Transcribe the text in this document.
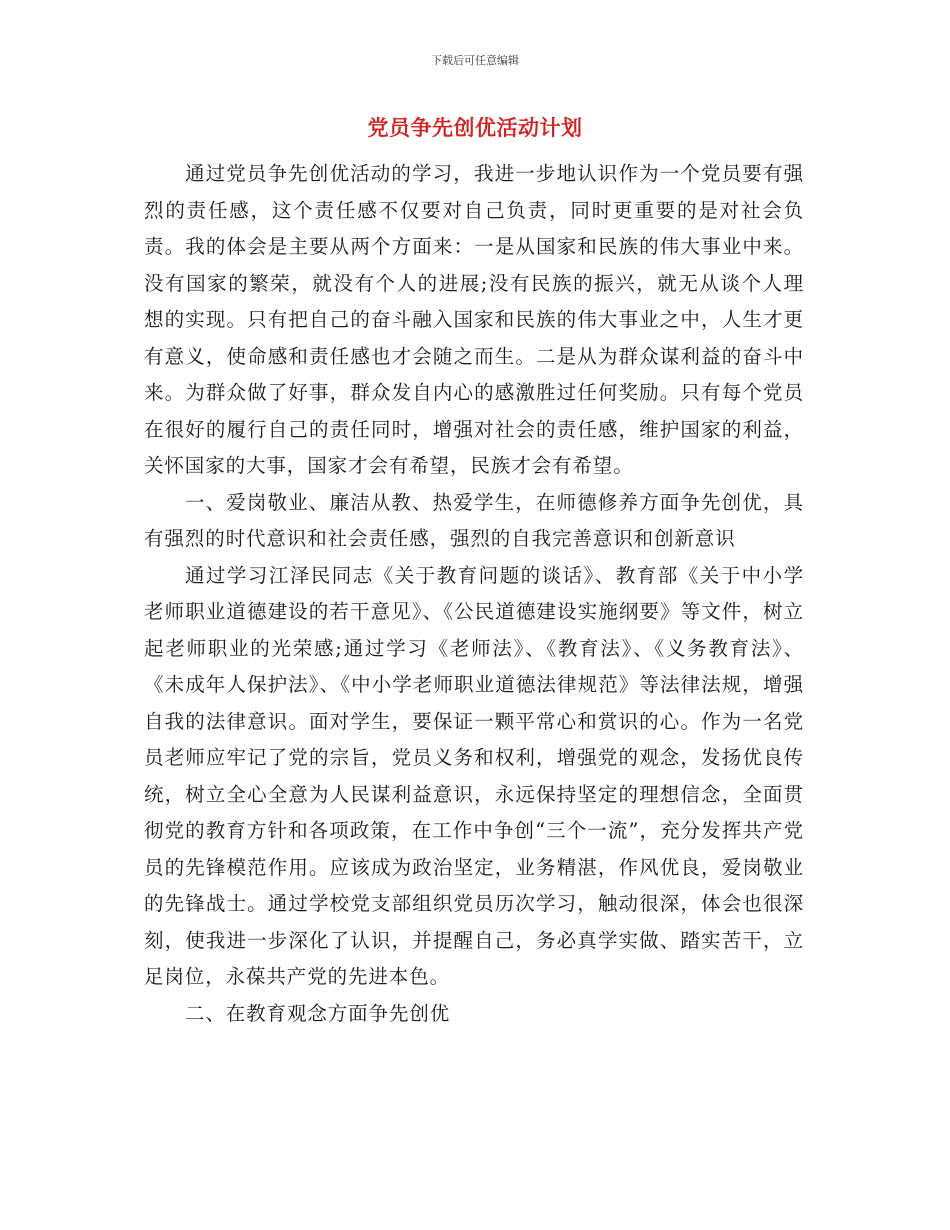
下载后可任意编辑
党员争先创优活动计划

通过党员争先创优活动的学习，我进一步地认识作为一个党员要有强烈的责任感，这个责任感不仅要对自己负责，同时更重要的是对社会负责。我的体会是主要从两个方面来：一是从国家和民族的伟大事业中来。没有国家的繁荣，就没有个人的进展;没有民族的振兴，就无从谈个人理想的实现。只有把自己的奋斗融入国家和民族的伟大事业之中，人生才更有意义，使命感和责任感也才会随之而生。二是从为群众谋利益的奋斗中来。为群众做了好事，群众发自内心的感激胜过任何奖励。只有每个党员在很好的履行自己的责任同时，增强对社会的责任感，维护国家的利益，关怀国家的大事，国家才会有希望，民族才会有希望。

一、爱岗敬业、廉洁从教、热爱学生，在师德修养方面争先创优，具有强烈的时代意识和社会责任感，强烈的自我完善意识和创新意识

通过学习江泽民同志《关于教育问题的谈话》、教育部《关于中小学老师职业道德建设的若干意见》、《公民道德建设实施纲要》等文件，树立起老师职业的光荣感;通过学习《老师法》、《教育法》、《义务教育法》、《未成年人保护法》、《中小学老师职业道德法律规范》等法律法规，增强自我的法律意识。面对学生，要保证一颗平常心和赏识的心。作为一名党员老师应牢记了党的宗旨，党员义务和权利，增强党的观念，发扬优良传统，树立全心全意为人民谋利益意识，永远保持坚定的理想信念，全面贯彻党的教育方针和各项政策，在工作中争创“三个一流”，充分发挥共产党员的先锋模范作用。应该成为政治坚定，业务精湛，作风优良，爱岗敬业的先锋战士。通过学校党支部组织党员历次学习，触动很深，体会也很深刻，使我进一步深化了认识，并提醒自己，务必真学实做、踏实苦干，立足岗位，永葆共产党的先进本色。

二、在教育观念方面争先创优
